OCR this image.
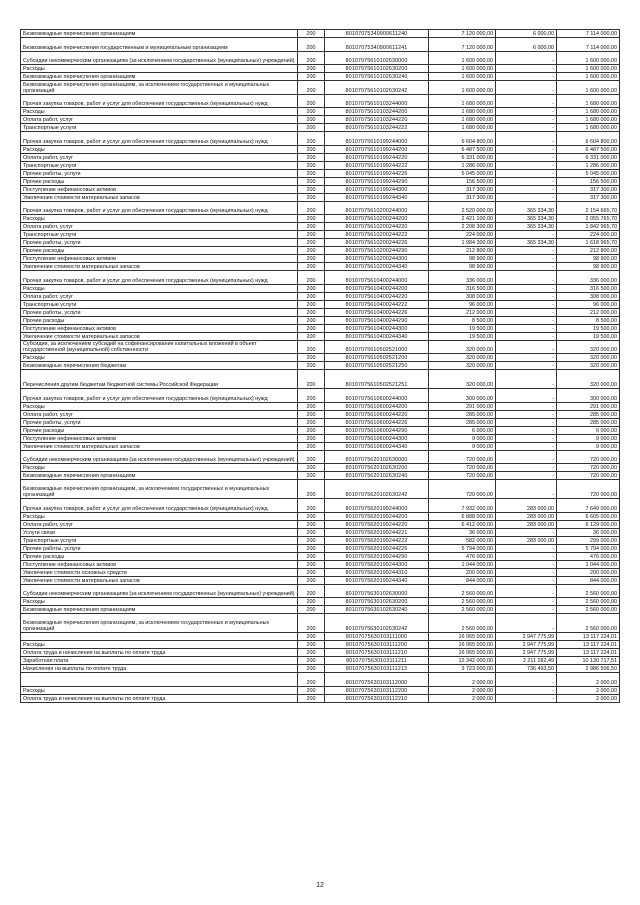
Безвозмездные перечисления организациям	200	80107075340900611240	7 120 000,00	6 000,00	7 114 000,00
Безвозмездные перечисления государственным и муниципальным организациям	200	80107075340900611241	7 120 000,00	6 000,00	7 114 000,00
Субсидии некоммерческим организациям (за исключением государственных (муниципальных) учреждений)	200	80107075610102630000	1 600 000,00	-	1 600 000,00
Расходы	200	80107075610102630200	1 600 000,00	-	1 600 000,00
Безвозмездные перечисления организациям	200	80107075610102630240	1 600 000,00	-	1 600 000,00
Безвозмездные перечисления организациям, за исключением государственных и муниципальных организаций	200	80107075610102630242	1 600 000,00	-	1 600 000,00
Прочая закупка товаров, работ и услуг для обеспечения государственных (муниципальных) нужд	200	80107075610103244000	1 680 000,00	-	1 680 000,00
Расходы	200	80107075610103244200	1 680 000,00	-	1 680 000,00
Оплата работ, услуг	200	80107075610103244220	1 680 000,00	-	1 680 000,00
Транспортные услуги	200	80107075610103244222	1 680 000,00	-	1 680 000,00
Прочая закупка товаров, работ и услуг для обеспечения государственных (муниципальных) нужд	200	80107075610199244000	6 604 800,00	-	6 604 800,00
Расходы	200	80107075610199244200	6 487 500,00	-	6 487 500,00
Оплата работ, услуг	200	80107075610199244220	6 331 000,00	-	6 331 000,00
Транспортные услуги	200	80107075610199244222	1 286 000,00	-	1 286 000,00
Прочие работы, услуги	200	80107075610199244226	5 045 000,00	-	5 045 000,00
Прочие расходы	200	80107075610199244290	156 500,00	-	156 500,00
Поступление нефинансовых активов	200	80107075610199244300	317 300,00	-	317 300,00
Увеличение стоимости материальных запасов	200	80107075610199244340	317 300,00	-	317 300,00
Прочая закупка товаров, работ и услуг для обеспечения государственных (муниципальных) нужд	200	80107075610200244000	2 520 000,00	365 334,30	2 154 665,70
Расходы	200	80107075610200244200	2 421 100,00	365 334,30	2 055 765,70
Оплата работ, услуг	200	80107075610200244220	2 208 300,00	365 334,30	1 842 965,70
Транспортные услуги	200	80107075610200244222	224 000,00	-	224 000,00
Прочие работы, услуги	200	80107075610200244226	1 984 300,00	365 334,30	1 618 965,70
Прочие расходы	200	80107075610200244290	212 800,00	-	212 800,00
Поступление нефинансовых активов	200	80107075610200244300	98 900,00	-	98 900,00
Увеличение стоимости материальных запасов	200	80107075610200244340	98 900,00	-	98 900,00
Прочая закупка товаров, работ и услуг для обеспечения государственных (муниципальных) нужд	200	80107075610400244000	336 000,00	-	336 000,00
Расходы	200	80107075610400244200	316 500,00	-	316 500,00
Оплата работ, услуг	200	80107075610400244220	308 000,00	-	308 000,00
Транспортные услуги	200	80107075610400244222	96 000,00	-	96 000,00
Прочие работы, услуги	200	80107075610400244226	212 000,00	-	212 000,00
Прочие расходы	200	80107075610400244290	8 500,00	-	8 500,00
Поступление нефинансовых активов	200	80107075610400244300	19 500,00	-	19 500,00
Увеличение стоимости материальных запасов	200	80107075610400244340	19 500,00	-	19 500,00
Субсидии, за исключением субсидий на софинансирование капитальных вложений в объект государственной (муниципальной) собственности	200	80107075610502521000	320 000,00	-	320 000,00
Расходы	200	80107075610502521200	320 000,00	-	320 000,00
Безвозмездные перечисления бюджетам	200	80107075610502521250	320 000,00	-	320 000,00
Перечисления другим бюджетам бюджетной системы Российской Федерации	200	80107075610502521251	320 000,00	-	320 000,00
Прочая закупка товаров, работ и услуг для обеспечения государственных (муниципальных) нужд	200	80107075610600244000	300 000,00	-	300 000,00
Расходы	200	80107075610600244200	291 000,00	-	291 000,00
Оплата работ, услуг	200	80107075610600244220	285 000,00	-	285 000,00
Прочие работы, услуги	200	80107075610600244226	285 000,00	-	285 000,00
Прочие расходы	200	80107075610600244290	6 000,00	-	6 000,00
Поступление нефинансовых активов	200	80107075610600244300	9 000,00	-	9 000,00
Увеличение стоимости материальных запасов	200	80107075610600244340	9 000,00	-	9 000,00
Субсидии некоммерческим организациям (за исключением государственных (муниципальных) учреждений)	200	80107075620102630000	720 000,00	-	720 000,00
Расходы	200	80107075620102630200	720 000,00	-	720 000,00
Безвозмездные перечисления организациям	200	80107075620102630240	720 000,00	-	720 000,00
Безвозмездные перечисления организациям, за исключением государственных и муниципальных организаций	200	80107075620102630242	720 000,00	-	720 000,00
Прочая закупка товаров, работ и услуг для обеспечения государственных (муниципальных) нужд	200	80107075620199244000	7 932 000,00	283 000,00	7 649 000,00
Расходы	200	80107075620199244200	6 888 000,00	283 000,00	6 605 000,00
Оплата работ, услуг	200	80107075620199244220	6 412 000,00	283 000,00	6 129 000,00
Услуги связи	200	80107075620199244221	36 000,00	-	36 000,00
Транспортные услуги	200	80107075620199244222	582 000,00	283 000,00	299 000,00
Прочие работы, услуги	200	80107075620199244226	5 794 000,00	-	5 794 000,00
Прочие расходы	200	80107075620199244290	476 000,00	-	476 000,00
Поступление нефинансовых активов	200	80107075620199244300	1 044 000,00	-	1 044 000,00
Увеличение стоимости основных средств	200	80107075620199244310	200 000,00	-	200 000,00
Увеличение стоимости материальных запасов	200	80107075620199244340	844 000,00	-	844 000,00
Субсидии некоммерческим организациям (за исключением государственных (муниципальных) учреждений)	200	80107075630102630000	2 560 000,00	-	2 560 000,00
Расходы	200	80107075630102630200	2 560 000,00	-	2 560 000,00
Безвозмездные перечисления организациям	200	80107075630102630240	2 560 000,00	-	2 560 000,00
Безвозмездные перечисления организациям, за исключением государственных и муниципальных организаций	200	80107075630102630242	2 560 000,00	-	2 560 000,00
	200	80107075630103111000	16 065 000,00	2 947 775,99	13 117 224,01
Расходы	200	80107075630103111200	16 065 000,00	2 947 775,99	13 117 224,01
Оплата труда и начисления на выплаты по оплате труда	200	80107075630103111210	16 065 000,00	2 947 775,99	13 117 224,01
Заработная плата	200	80107075630103111211	12 342 000,00	2 211 282,49	10 130 717,51
Начисления на выплаты по оплате труда	200	80107075630103111213	3 723 000,00	736 493,50	2 986 506,50
	200	80107075630103112000	2 000,00	-	2 000,00
Расходы	200	80107075630103112200	2 000,00	-	2 000,00
Оплата труда и начисления на выплаты по оплате труда	200	80107075630103112210	2 000,00	-	2 000,00
12
